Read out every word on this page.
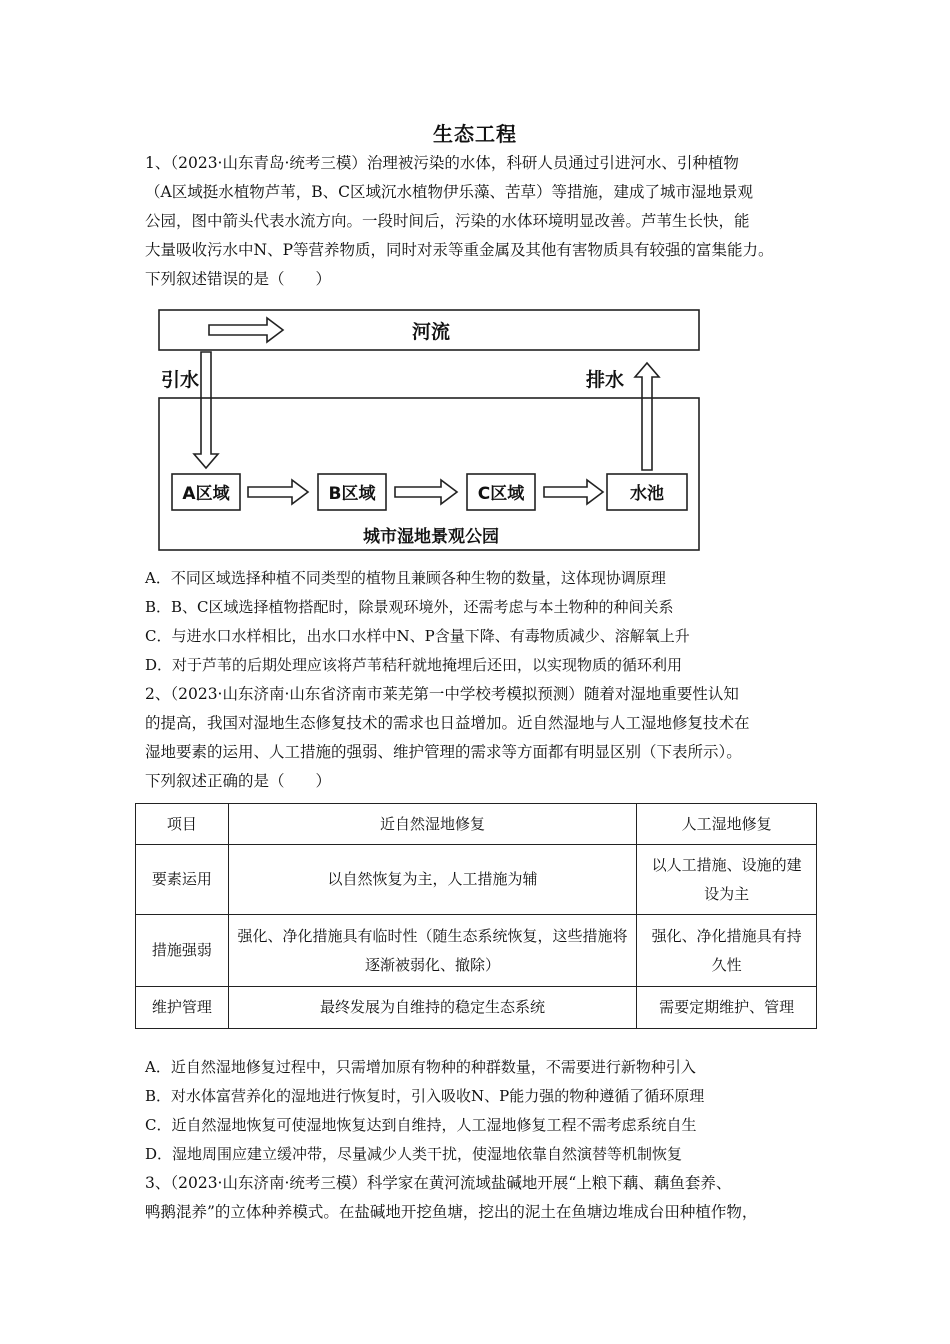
生态工程
1、（2023·山东青岛·统考三模）治理被污染的水体，科研人员通过引进河水、引种植物
（A区域挺水植物芦苇，B、C区域沉水植物伊乐藻、苦草）等措施，建成了城市湿地景观
公园，图中箭头代表水流方向。一段时间后，污染的水体环境明显改善。芦苇生长快，能
大量吸收污水中N、P等营养物质，同时对汞等重金属及其他有害物质具有较强的富集能力。
下列叙述错误的是（　　）
河流
引水	排水
A区域	B区域	C区域	水池
城市湿地景观公园
A．不同区域选择种植不同类型的植物且兼顾各种生物的数量，这体现协调原理
B．B、C区域选择植物搭配时，除景观环境外，还需考虑与本土物种的种间关系
C．与进水口水样相比，出水口水样中N、P含量下降、有毒物质减少、溶解氧上升
D．对于芦苇的后期处理应该将芦苇秸秆就地掩埋后还田，以实现物质的循环利用
2、（2023·山东济南·山东省济南市莱芜第一中学校考模拟预测）随着对湿地重要性认知
的提高，我国对湿地生态修复技术的需求也日益增加。近自然湿地与人工湿地修复技术在
湿地要素的运用、人工措施的强弱、维护管理的需求等方面都有明显区别（下表所示）。
下列叙述正确的是（　　）
项目	近自然湿地修复	人工湿地修复
要素运用	以自然恢复为主，人工措施为辅	以人工措施、设施的建设为主
措施强弱	强化、净化措施具有临时性（随生态系统恢复，这些措施将逐渐被弱化、撤除）	强化、净化措施具有持久性
维护管理	最终发展为自维持的稳定生态系统	需要定期维护、管理
A．近自然湿地修复过程中，只需增加原有物种的种群数量，不需要进行新物种引入
B．对水体富营养化的湿地进行恢复时，引入吸收N、P能力强的物种遵循了循环原理
C．近自然湿地恢复可使湿地恢复达到自维持，人工湿地修复工程不需考虑系统自生
D．湿地周围应建立缓冲带，尽量减少人类干扰，使湿地依靠自然演替等机制恢复
3、（2023·山东济南·统考三模）科学家在黄河流域盐碱地开展“上粮下藕、藕鱼套养、
鸭鹅混养”的立体种养模式。在盐碱地开挖鱼塘，挖出的泥土在鱼塘边堆成台田种植作物，
